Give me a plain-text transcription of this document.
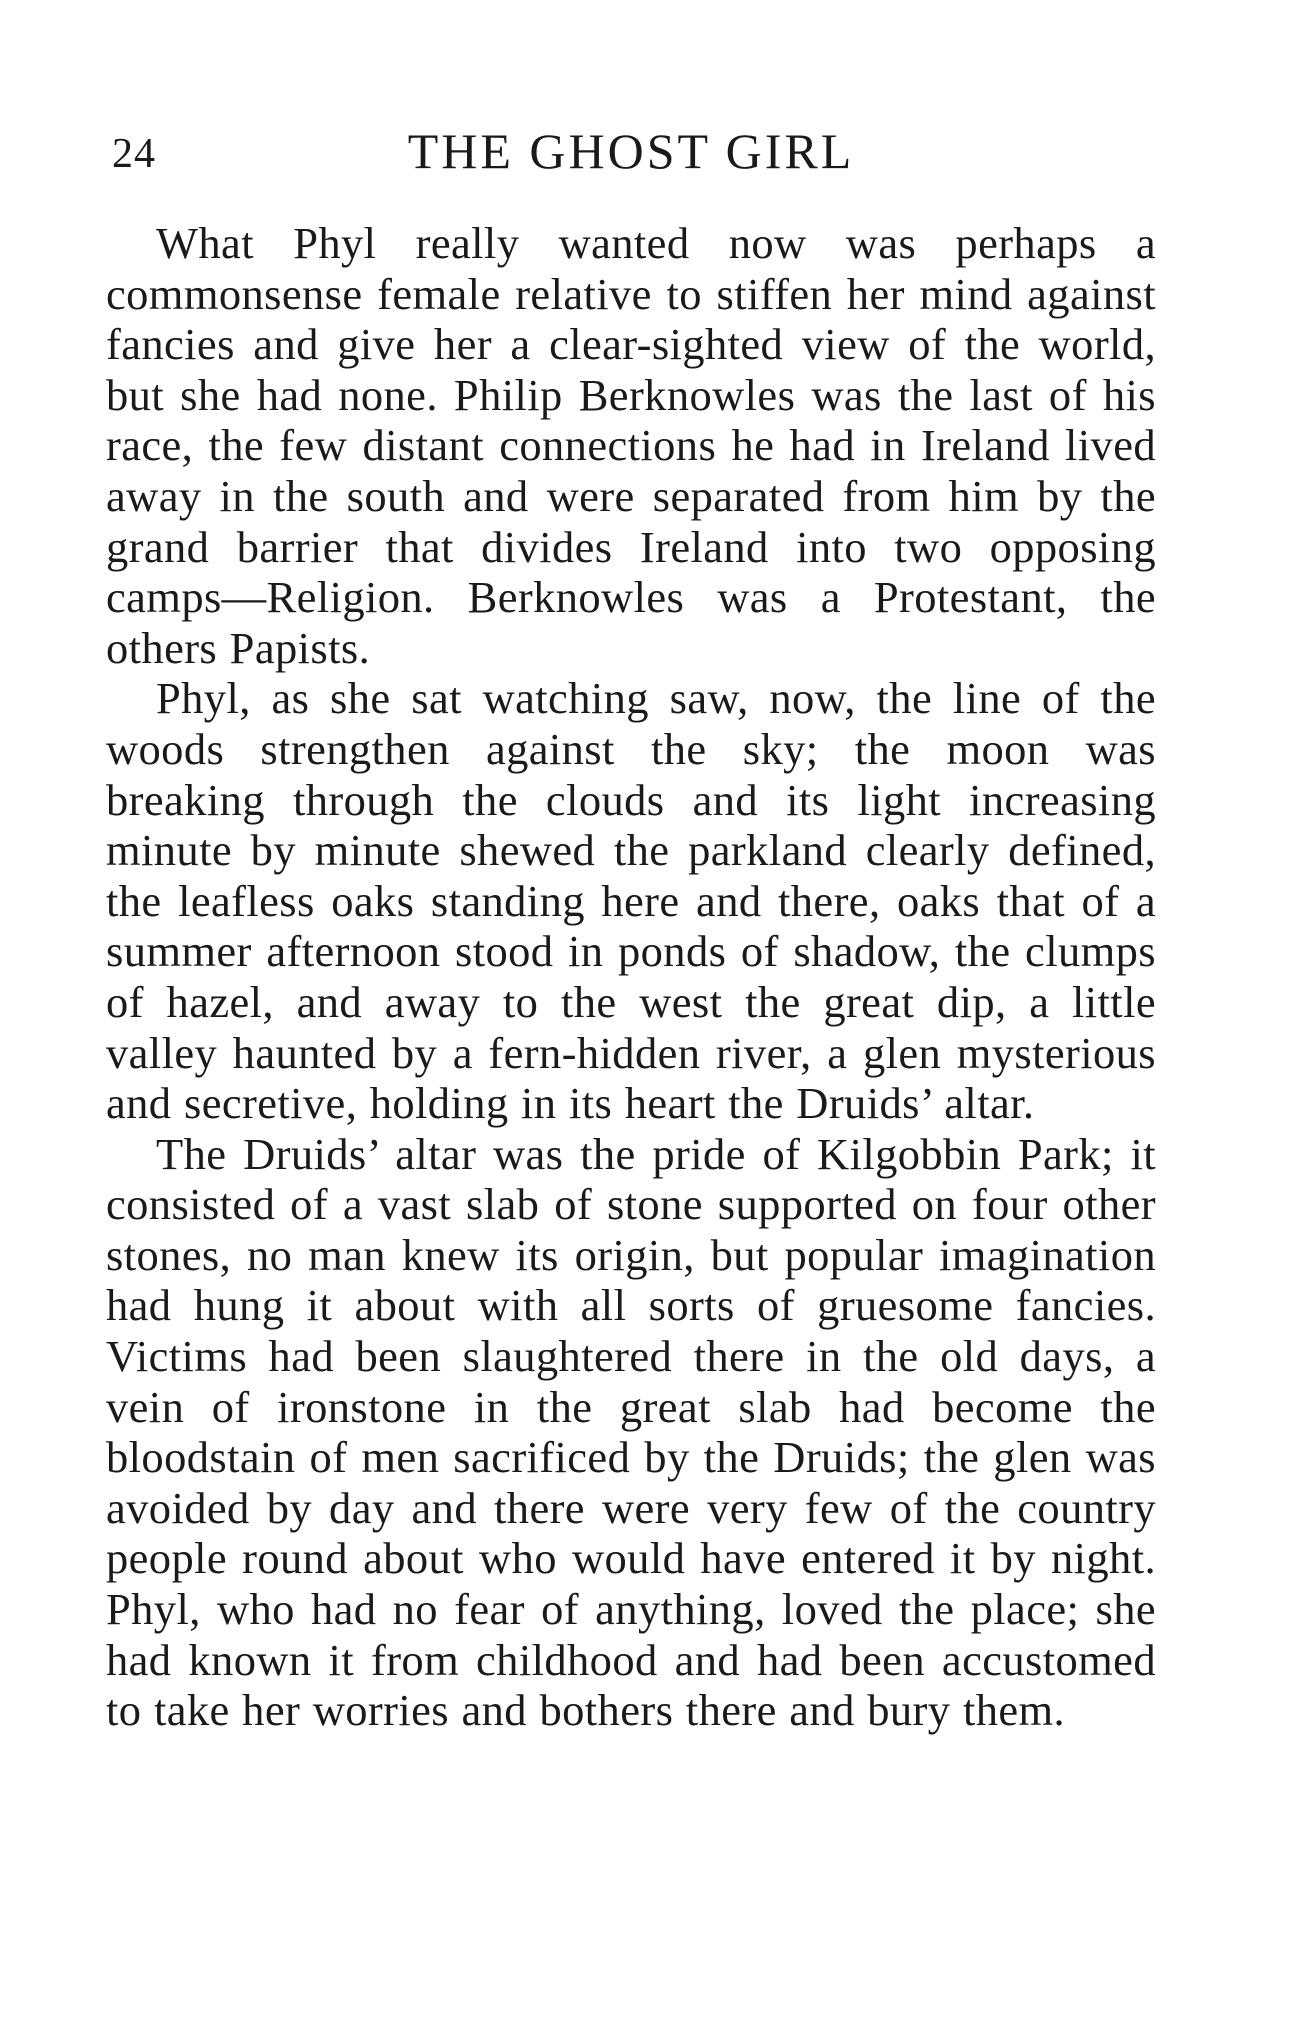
24	THE GHOST GIRL

What Phyl really wanted now was perhaps a commonsense female relative to stiffen her mind against fancies and give her a clear-sighted view of the world, but she had none. Philip Berknowles was the last of his race, the few distant connections he had in Ireland lived away in the south and were separated from him by the grand barrier that divides Ireland into two opposing camps—Religion. Berknowles was a Protestant, the others Papists.

Phyl, as she sat watching saw, now, the line of the woods strengthen against the sky; the moon was breaking through the clouds and its light increasing minute by minute shewed the parkland clearly defined, the leafless oaks standing here and there, oaks that of a summer afternoon stood in ponds of shadow, the clumps of hazel, and away to the west the great dip, a little valley haunted by a fern-hidden river, a glen mysterious and secretive, holding in its heart the Druids’ altar.

The Druids’ altar was the pride of Kilgobbin Park; it consisted of a vast slab of stone supported on four other stones, no man knew its origin, but popular imagination had hung it about with all sorts of gruesome fancies. Victims had been slaughtered there in the old days, a vein of ironstone in the great slab had become the bloodstain of men sacrificed by the Druids; the glen was avoided by day and there were very few of the country people round about who would have entered it by night. Phyl, who had no fear of anything, loved the place; she had known it from childhood and had been accustomed to take her worries and bothers there and bury them.
